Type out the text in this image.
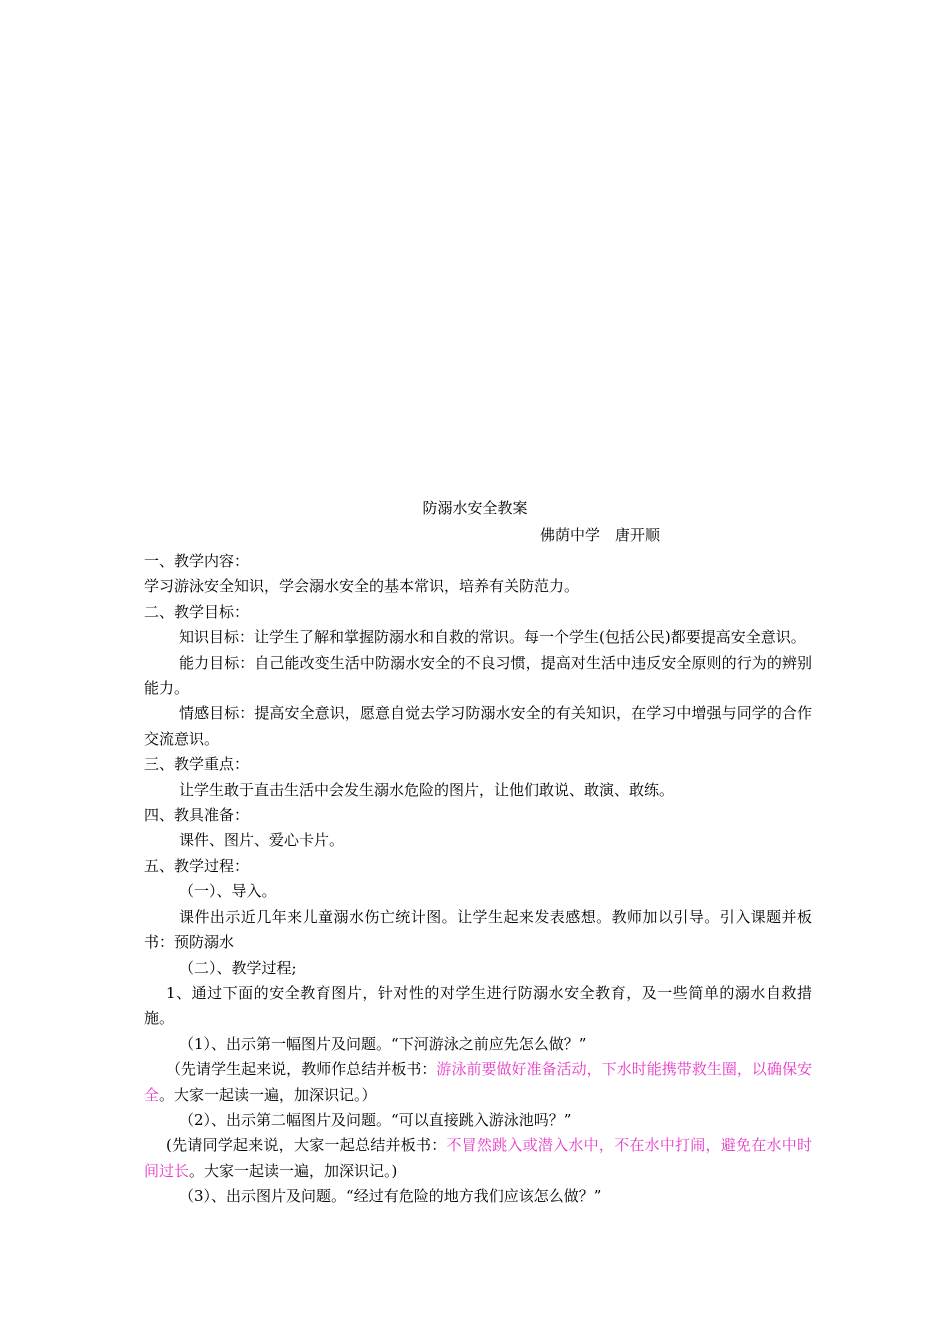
防溺水安全教案
佛荫中学　唐开顺

一、教学内容：

学习游泳安全知识，学会溺水安全的基本常识，培养有关防范力。

二、教学目标：

知识目标：让学生了解和掌握防溺水和自救的常识。每一个学生(包括公民)都要提高安全意识。

能力目标：自己能改变生活中防溺水安全的不良习惯，提高对生活中违反安全原则的行为的辨别能力。

情感目标：提高安全意识，愿意自觉去学习防溺水安全的有关知识，在学习中增强与同学的合作交流意识。

三、教学重点：

让学生敢于直击生活中会发生溺水危险的图片，让他们敢说、敢演、敢练。

四、教具准备：

课件、图片、爱心卡片。

五、教学过程：

（一）、导入。

课件出示近几年来儿童溺水伤亡统计图。让学生起来发表感想。教师加以引导。引入课题并板书：预防溺水

（二）、教学过程;

1、通过下面的安全教育图片，针对性的对学生进行防溺水安全教育，及一些简单的溺水自救措施。

（1）、出示第一幅图片及问题。“下河游泳之前应先怎么做？”

（先请学生起来说，教师作总结并板书：游泳前要做好准备活动，下水时能携带救生圈，以确保安全。大家一起读一遍，加深识记。）

（2）、出示第二幅图片及问题。“可以直接跳入游泳池吗？”

(先请同学起来说，大家一起总结并板书：不冒然跳入或潜入水中，不在水中打闹，避免在水中时间过长。大家一起读一遍，加深识记。)

（3）、出示图片及问题。“经过有危险的地方我们应该怎么做？”
